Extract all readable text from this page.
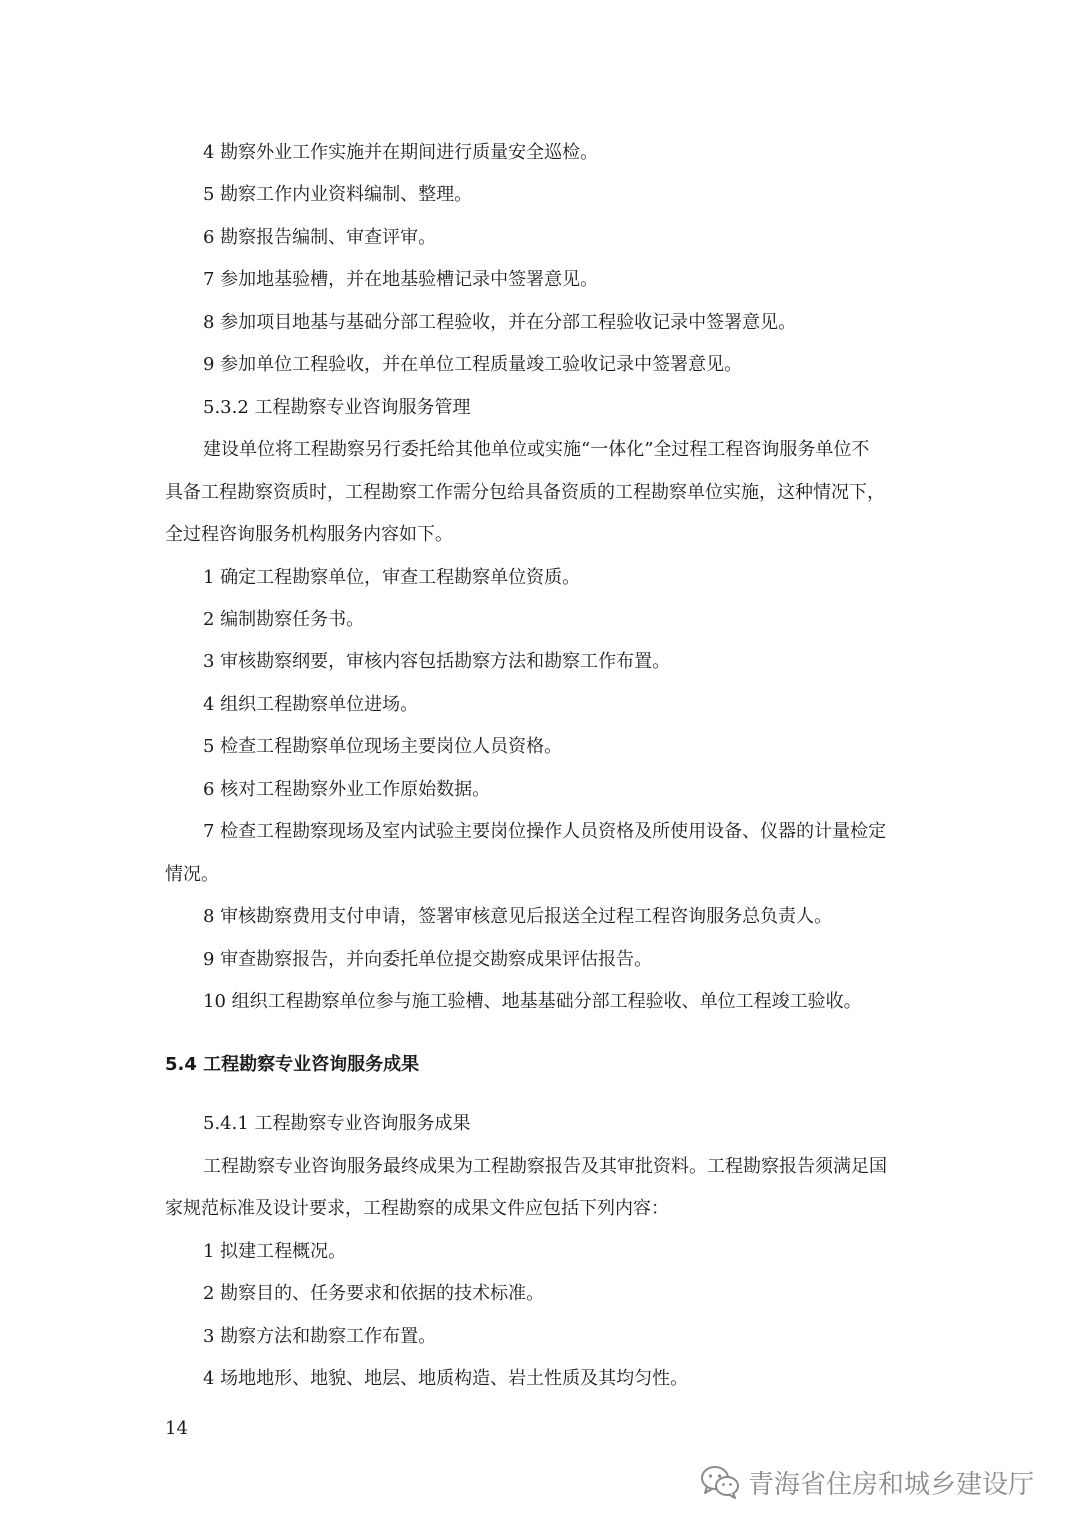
4 勘察外业工作实施并在期间进行质量安全巡检。
5 勘察工作内业资料编制、整理。
6 勘察报告编制、审查评审。
7 参加地基验槽，并在地基验槽记录中签署意见。
8 参加项目地基与基础分部工程验收，并在分部工程验收记录中签署意见。
9 参加单位工程验收，并在单位工程质量竣工验收记录中签署意见。
5.3.2 工程勘察专业咨询服务管理
建设单位将工程勘察另行委托给其他单位或实施“一体化”全过程工程咨询服务单位不
具备工程勘察资质时，工程勘察工作需分包给具备资质的工程勘察单位实施，这种情况下，
全过程咨询服务机构服务内容如下。
1 确定工程勘察单位，审查工程勘察单位资质。
2 编制勘察任务书。
3 审核勘察纲要，审核内容包括勘察方法和勘察工作布置。
4 组织工程勘察单位进场。
5 检查工程勘察单位现场主要岗位人员资格。
6 核对工程勘察外业工作原始数据。
7 检查工程勘察现场及室内试验主要岗位操作人员资格及所使用设备、仪器的计量检定
情况。
8 审核勘察费用支付申请，签署审核意见后报送全过程工程咨询服务总负责人。
9 审查勘察报告，并向委托单位提交勘察成果评估报告。
10 组织工程勘察单位参与施工验槽、地基基础分部工程验收、单位工程竣工验收。
5.4 工程勘察专业咨询服务成果
5.4.1 工程勘察专业咨询服务成果
工程勘察专业咨询服务最终成果为工程勘察报告及其审批资料。工程勘察报告须满足国
家规范标准及设计要求，工程勘察的成果文件应包括下列内容：
1 拟建工程概况。
2 勘察目的、任务要求和依据的技术标准。
3 勘察方法和勘察工作布置。
4 场地地形、地貌、地层、地质构造、岩土性质及其均匀性。
14
青海省住房和城乡建设厅
